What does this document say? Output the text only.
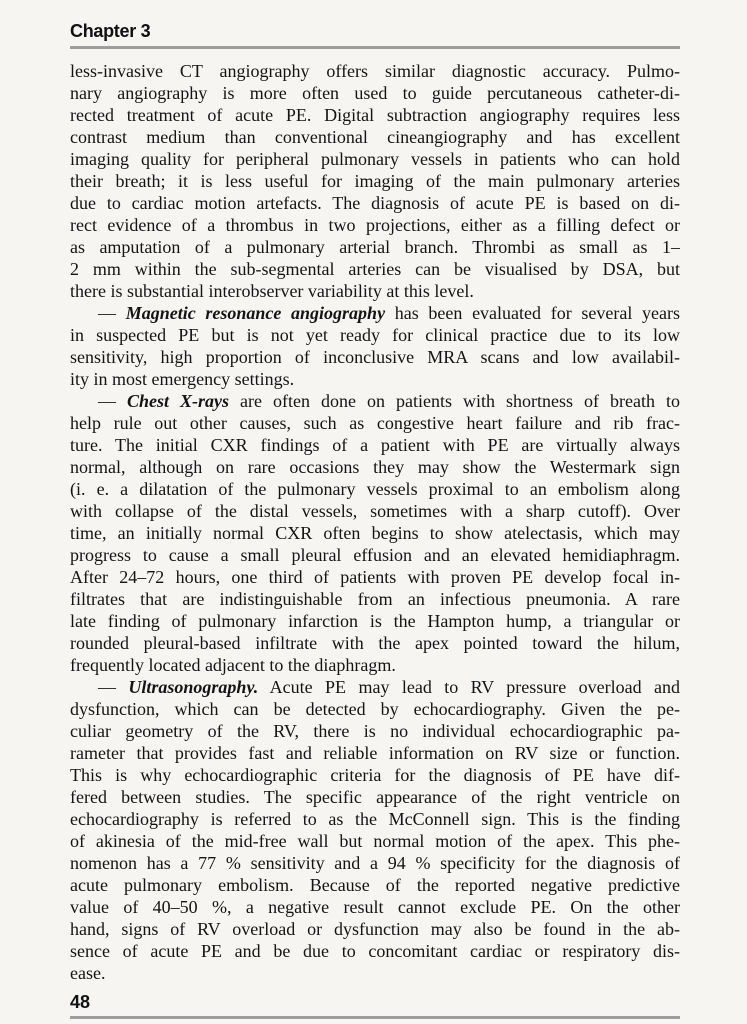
Chapter 3
less-invasive CT angiography offers similar diagnostic accuracy. Pulmo-
nary angiography is more often used to guide percutaneous catheter-di-
rected treatment of acute PE. Digital subtraction angiography requires less
contrast medium than conventional cineangiography and has excellent
imaging quality for peripheral pulmonary vessels in patients who can hold
their breath; it is less useful for imaging of the main pulmonary arteries
due to cardiac motion artefacts. The diagnosis of acute PE is based on di-
rect evidence of a thrombus in two projections, either as a filling defect or
as amputation of a pulmonary arterial branch. Thrombi as small as 1–
2 mm within the sub-segmental arteries can be visualised by DSA, but
there is substantial interobserver variability at this level.
— Magnetic resonance angiography has been evaluated for several years
in suspected PE but is not yet ready for clinical practice due to its low
sensitivity, high proportion of inconclusive MRA scans and low availabil-
ity in most emergency settings.
— Chest X-rays are often done on patients with shortness of breath to
help rule out other causes, such as congestive heart failure and rib frac-
ture. The initial CXR findings of a patient with PE are virtually always
normal, although on rare occasions they may show the Westermark sign
(i. e. a dilatation of the pulmonary vessels proximal to an embolism along
with collapse of the distal vessels, sometimes with a sharp cutoff). Over
time, an initially normal CXR often begins to show atelectasis, which may
progress to cause a small pleural effusion and an elevated hemidiaphragm.
After 24–72 hours, one third of patients with proven PE develop focal in-
filtrates that are indistinguishable from an infectious pneumonia. A rare
late finding of pulmonary infarction is the Hampton hump, a triangular or
rounded pleural-based infiltrate with the apex pointed toward the hilum,
frequently located adjacent to the diaphragm.
— Ultrasonography. Acute PE may lead to RV pressure overload and
dysfunction, which can be detected by echocardiography. Given the pe-
culiar geometry of the RV, there is no individual echocardiographic pa-
rameter that provides fast and reliable information on RV size or function.
This is why echocardiographic criteria for the diagnosis of PE have dif-
fered between studies. The specific appearance of the right ventricle on
echocardiography is referred to as the McConnell sign. This is the finding
of akinesia of the mid-free wall but normal motion of the apex. This phe-
nomenon has a 77 % sensitivity and a 94 % specificity for the diagnosis of
acute pulmonary embolism. Because of the reported negative predictive
value of 40–50 %, a negative result cannot exclude PE. On the other
hand, signs of RV overload or dysfunction may also be found in the ab-
sence of acute PE and be due to concomitant cardiac or respiratory dis-
ease.
48
